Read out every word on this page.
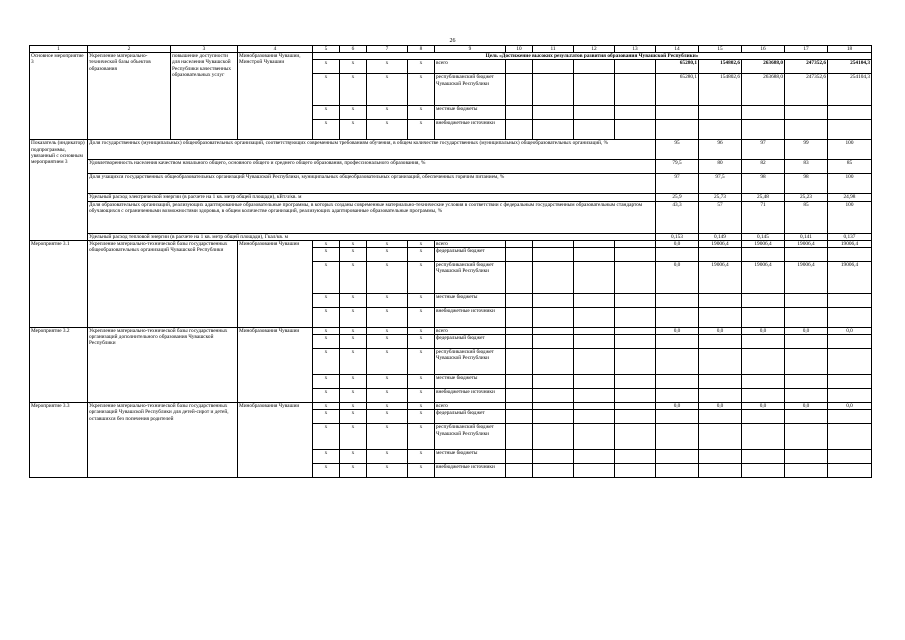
26
1	2	3	4	5	6	7	8	9	10	11	12	13	14	15	16	17	18
Основное мероприятие 3	Укрепление материально-технической базы объектов образования	повышение доступности для населения Чувашской Республики качественных образовательных услуг	Минобразования Чувашии, Минстрой Чувашии	Цель «Достижение высоких результатов развития образования Чувашской Республики»													
				x	x	x	x	всего					65280,1	154802,6	263688,0	247352,6	254104,3
				x	x	x	x	республиканский бюджет Чувашской Республики					65280,1	154802,6	263688,0	247352,6	254104,3
				x	x	x	x	местные бюджеты									
				x	x	x	x	внебюджетные источники									
Показатель (индикатор) подпрограммы, увязанный с основным мероприятием 3	Доля государственных (муниципальных) общеобразовательных организаций, соответствующих современным требованиям обучения, в общем количестве государственных (муниципальных) общеобразовательных организаций, %												95	96	97	99	100
	Удовлетворенность населения качеством начального общего, основного общего и среднего общего образования, профессионального образования, %												79,5	80	82	83	85
	Доля учащихся государственных общеобразовательных организаций Чувашской Республики, муниципальных общеобразовательных организаций, обеспеченных горячим питанием, %												97	97,5	98	98	100
	Удельный расход электрической энергии (в расчете на 1 кв. метр общей площади), кВт.ч/кв. м												25,9	25,73	25,48	25,23	24,98
	Доля образовательных организаций, реализующих адаптированные образовательные программы, в которых созданы современные материально-технические условия в соответствии с федеральным государственным образовательным стандартом обучающихся с ограниченными возможностями здоровья, в общем количестве организаций, реализующих адаптированные образовательные программы, %												43,3	57	71	85	100
	Удельный расход тепловой энергии (в расчете на 1 кв. метр общей площади), Гкал/кв. м												0,153	0,149	0,145	0,141	0,137
Мероприятие 3.1	Укрепление материально-технической базы государственных общеобразовательных организаций Чувашской Республики		Минобразования Чувашии	x	x	x	x	всего					0,0	19006,4	19006,4	19006,4	19006,4
				x	x	x	x	федеральный бюджет									
				x	x	x	x	республиканский бюджет Чувашской Республики					0,0	19006,4	19006,4	19006,4	19006,4
				x	x	x	x	местные бюджеты									
				x	x	x	x	внебюджетные источники									
Мероприятие 3.2	Укрепление материально-технической базы государственных организаций дополнительного образования Чувашской Республики		Минобразования Чувашии	x	x	x	x	всего					0,0	0,0	0,0	0,0	0,0
				x	x	x	x	федеральный бюджет									
				x	x	x	x	республиканский бюджет Чувашской Республики									
				x	x	x	x	местные бюджеты									
				x	x	x	x	внебюджетные источники									
Мероприятие 3.3	Укрепление материально-технической базы государственных организаций Чувашской Республики для детей-сирот и детей, оставшихся без попечения родителей		Минобразования Чувашии	x	x	x	x	всего					0,0	0,0	0,0	0,0	0,0
				x	x	x	x	федеральный бюджет									
				x	x	x	x	республиканский бюджет Чувашской Республики									
				x	x	x	x	местные бюджеты									
				x	x	x	x	внебюджетные источники									
